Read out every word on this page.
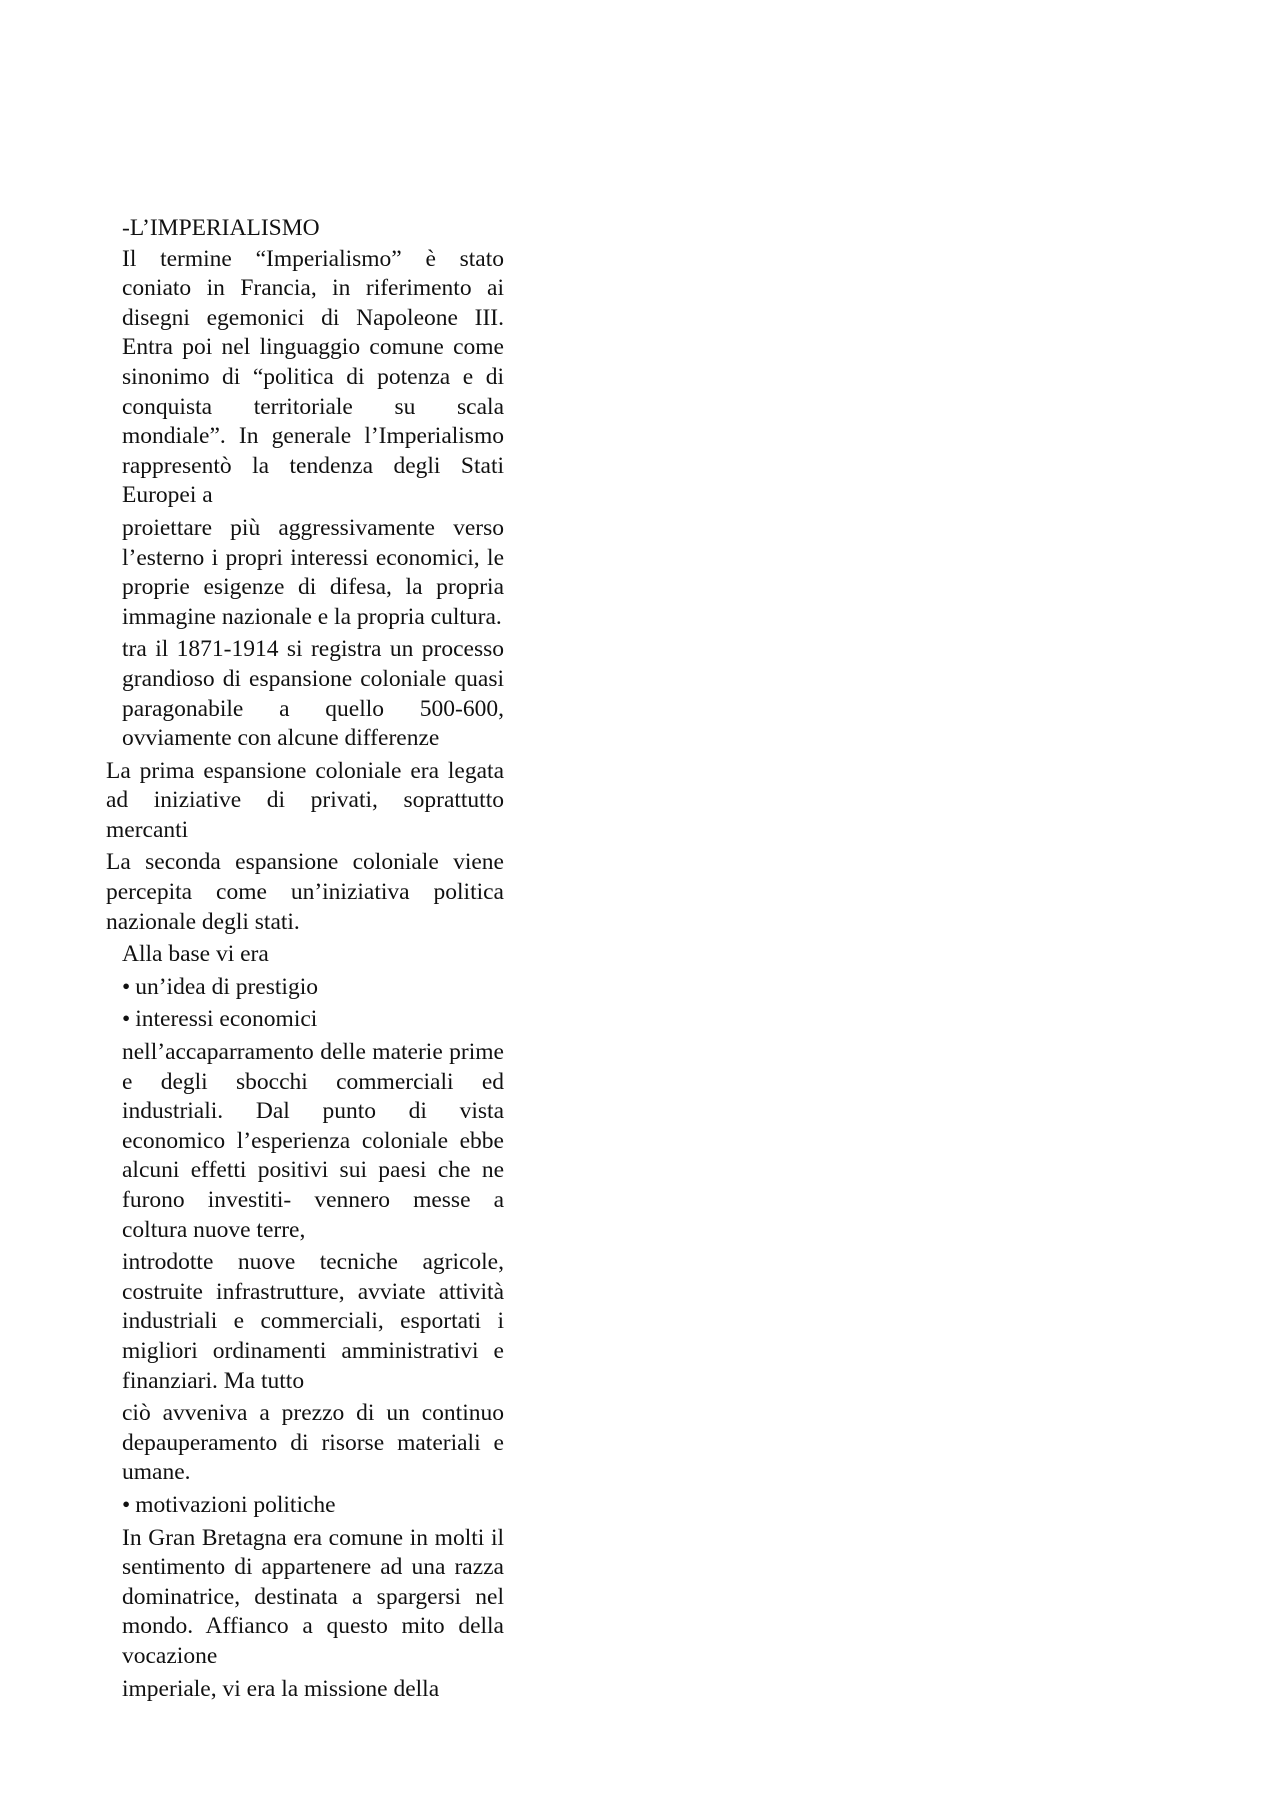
-L’IMPERIALISMO

Il termine “Imperialismo” è stato coniato in Francia, in riferimento ai disegni egemonici di Napoleone III. Entra poi nel linguaggio comune come sinonimo di “politica di potenza e di conquista territoriale su scala mondiale”. In generale l’Imperialismo rappresentò la tendenza degli Stati Europei a

proiettare più aggressivamente verso l’esterno i propri interessi economici, le proprie esigenze di difesa, la propria immagine nazionale e la propria cultura.

tra il 1871-1914 si registra un processo grandioso di espansione coloniale quasi paragonabile a quello 500-600, ovviamente con alcune differenze

La prima espansione coloniale era legata ad iniziative di privati, soprattutto mercanti

La seconda espansione coloniale viene percepita come un’iniziativa politica nazionale degli stati.

Alla base vi era

• un’idea di prestigio
• interessi economici

nell’accaparramento delle materie prime e degli sbocchi commerciali ed industriali. Dal punto di vista economico l’esperienza coloniale ebbe alcuni effetti positivi sui paesi che ne furono investiti- vennero messe a coltura nuove terre,

introdotte nuove tecniche agricole, costruite infrastrutture, avviate attività industriali e commerciali, esportati i migliori ordinamenti amministrativi e finanziari. Ma tutto

ciò avveniva a prezzo di un continuo depauperamento di risorse materiali e umane.

• motivazioni politiche

In Gran Bretagna era comune in molti il sentimento di appartenere ad una razza dominatrice, destinata a spargersi nel mondo. Affianco a questo mito della vocazione

imperiale, vi era la missione della
